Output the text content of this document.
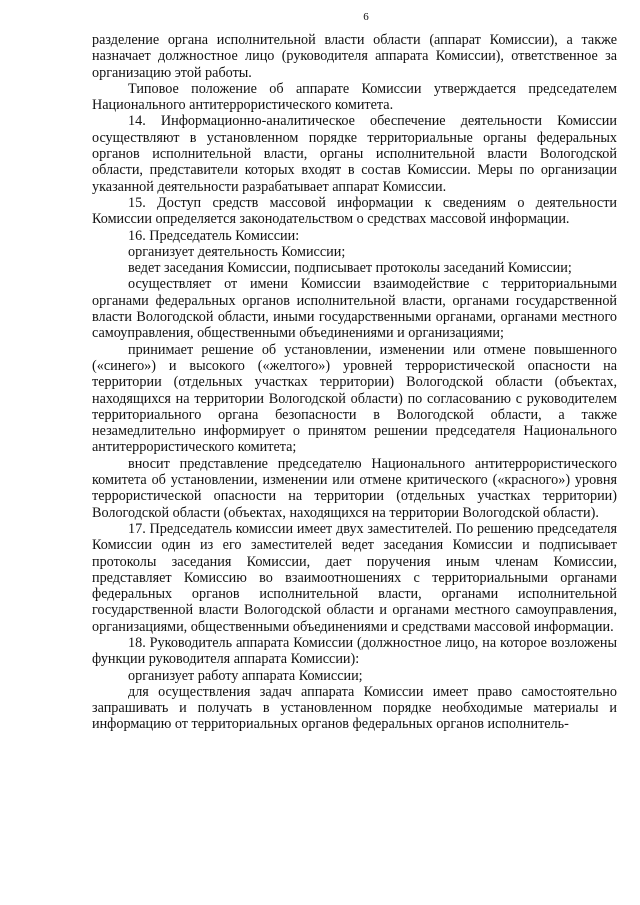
6

разделение органа исполнительной власти области (аппарат Комиссии), а также назначает должностное лицо (руководителя аппарата Комиссии), ответственное за организацию этой работы.

Типовое положение об аппарате Комиссии утверждается председателем Национального антитеррористического комитета.

14. Информационно-аналитическое обеспечение деятельности Комиссии осуществляют в установленном порядке территориальные органы федеральных органов исполнительной власти, органы исполнительной власти Вологодской области, представители которых входят в состав Комиссии. Меры по организации указанной деятельности разрабатывает аппарат Комиссии.

15. Доступ средств массовой информации к сведениям о деятельности Комиссии определяется законодательством о средствах массовой информации.

16. Председатель Комиссии:

организует деятельность Комиссии;

ведет заседания Комиссии, подписывает протоколы заседаний Комиссии;

осуществляет от имени Комиссии взаимодействие с территориальными органами федеральных органов исполнительной власти, органами государственной власти Вологодской области, иными государственными органами, органами местного самоуправления, общественными объединениями и организациями;

принимает решение об установлении, изменении или отмене повышенного («синего») и высокого («желтого») уровней террористической опасности на территории (отдельных участках территории) Вологодской области (объектах, находящихся на территории Вологодской области) по согласованию с руководителем территориального органа безопасности в Вологодской области, а также незамедлительно информирует о принятом решении председателя Национального антитеррористического комитета;

вносит представление председателю Национального антитеррористического комитета об установлении, изменении или отмене критического («красного») уровня террористической опасности на территории (отдельных участках территории) Вологодской области (объектах, находящихся на территории Вологодской области).

17. Председатель комиссии имеет двух заместителей. По решению председателя Комиссии один из его заместителей ведет заседания Комиссии и подписывает протоколы заседания Комиссии, дает поручения иным членам Комиссии, представляет Комиссию во взаимоотношениях с территориальными органами федеральных органов исполнительной власти, органами исполнительной государственной власти Вологодской области и органами местного самоуправления, организациями, общественными объединениями и средствами массовой информации.

18. Руководитель аппарата Комиссии (должностное лицо, на которое возложены функции руководителя аппарата Комиссии):

организует работу аппарата Комиссии;

для осуществления задач аппарата Комиссии имеет право самостоятельно запрашивать и получать в установленном порядке необходимые материалы и информацию от территориальных органов федеральных органов исполнитель-
